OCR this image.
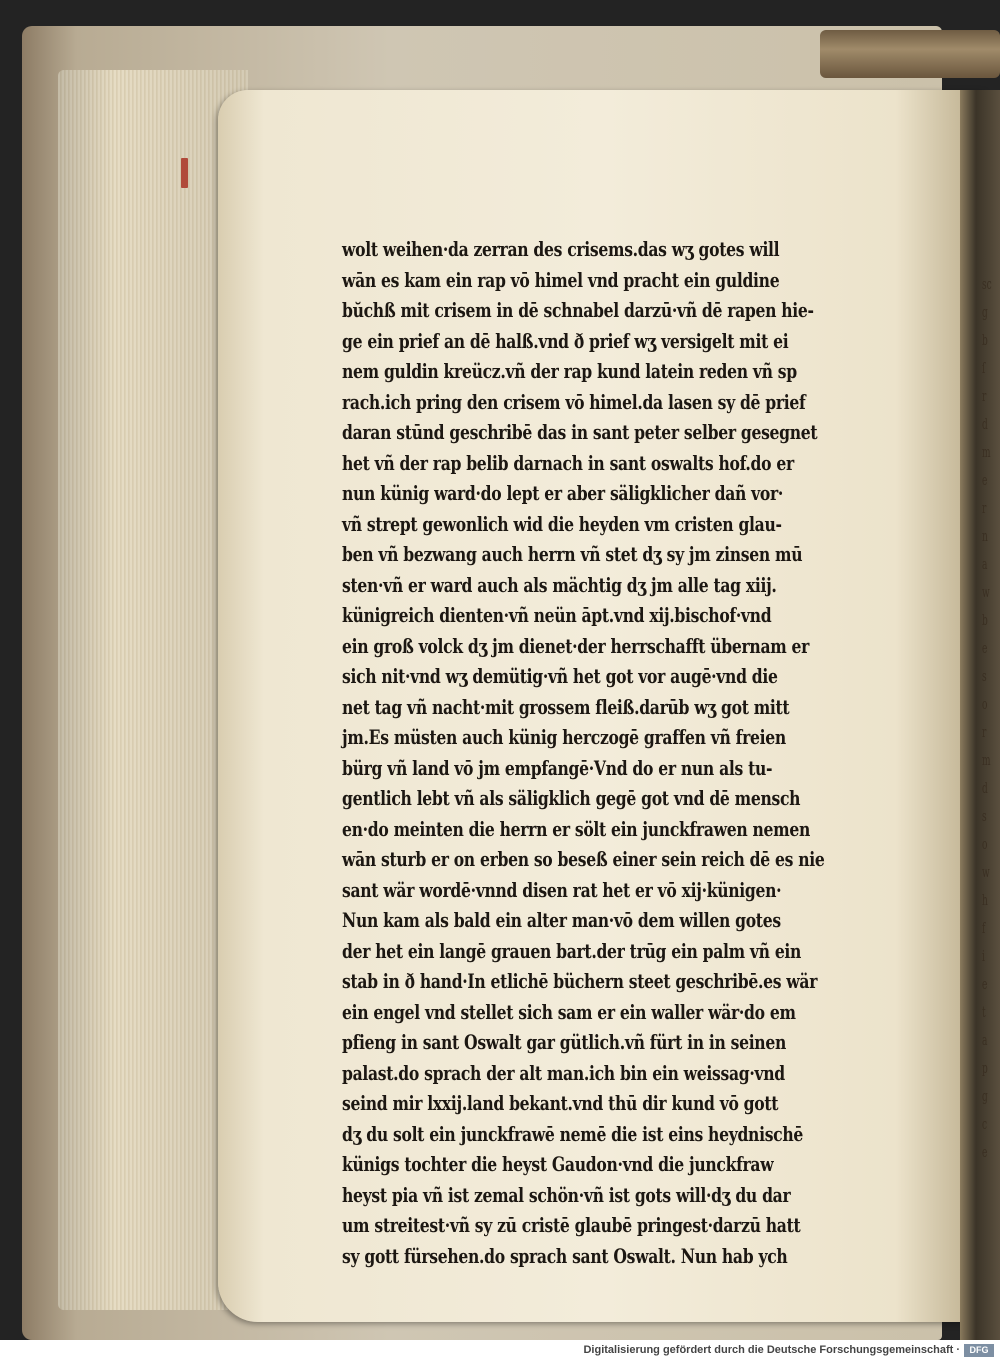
sc
g
b
ſ
r
d
m
e
r
n
a
w
b
e
s
o
r
m
d
s
o
w
h
f
i
e
t
a
p
g
c
e
wolt weihen·da zerran des crisems.das wʒ gotes will
wān es kam ein rap vō himel vnd pracht ein guldine
bŭchß mit crisem in dē schnabel darzū·vñ dē rapen hie‑
ge ein prief an dē halß.vnd ð prief wʒ versigelt mit ei
nem guldin kreücz.vñ der rap kund latein reden vñ sp
rach.ich pring den crisem vō himel.da lasen sy dē prief
daran stūnd geschribē das in sant peter selber gesegnet
het vñ der rap belib darnach in sant oswalts hof.do er
nun künig ward·do lept er aber säligklicher dañ vor·
vñ strept gewonlich wid die heyden vm cristen glau‑
ben vñ bezwang auch herrn vñ stet dʒ sy jm zinsen mū
sten·vñ er ward auch als mächtig dʒ jm alle tag xiij.
künigreich dienten·vñ neün āpt.vnd xij.bischof·vnd
ein groß volck dʒ jm dienet·der herrschafft übernam er
sich nit·vnd wʒ demütig·vñ het got vor augē·vnd die
net tag vñ nacht·mit grossem fleiß.darūb wʒ got mitt
jm.Es müsten auch künig herczogē graffen vñ freien
bürg vñ land vō jm empfangē·Vnd do er nun als tu‑
gentlich lebt vñ als säligklich gegē got vnd dē mensch
en·do meinten die herrn er sölt ein junckfrawen nemen
wān sturb er on erben so beseß einer sein reich dē es nie
sant wär wordē·vnnd disen rat het er vō xij·künigen·
Nun kam als bald ein alter man·vō dem willen gotes
der het ein langē grauen bart.der trūg ein palm vñ ein
stab in ð hand·In etlichē büchern steet geschribē.es wär
ein engel vnd stellet sich sam er ein waller wär·do em
pfieng in sant Oswalt gar gütlich.vñ fürt in in seinen
palast.do sprach der alt man.ich bin ein weissag·vnd
seind mir lxxij.land bekant.vnd thū dir kund vō gott
dʒ du solt ein junckfrawē nemē die ist eins heydnischē
künigs tochter die heyst Gaudon·vnd die junckfraw
heyst pia vñ ist zemal schön·vñ ist gots will·dʒ du dar
um streitest·vñ sy zū cristē glaubē pringest·darzū hatt
sy gott fürsehen.do sprach sant Oswalt. Nun hab ych
Digitalisierung gefördert durch die Deutsche Forschungsgemeinschaft ·	DFG
